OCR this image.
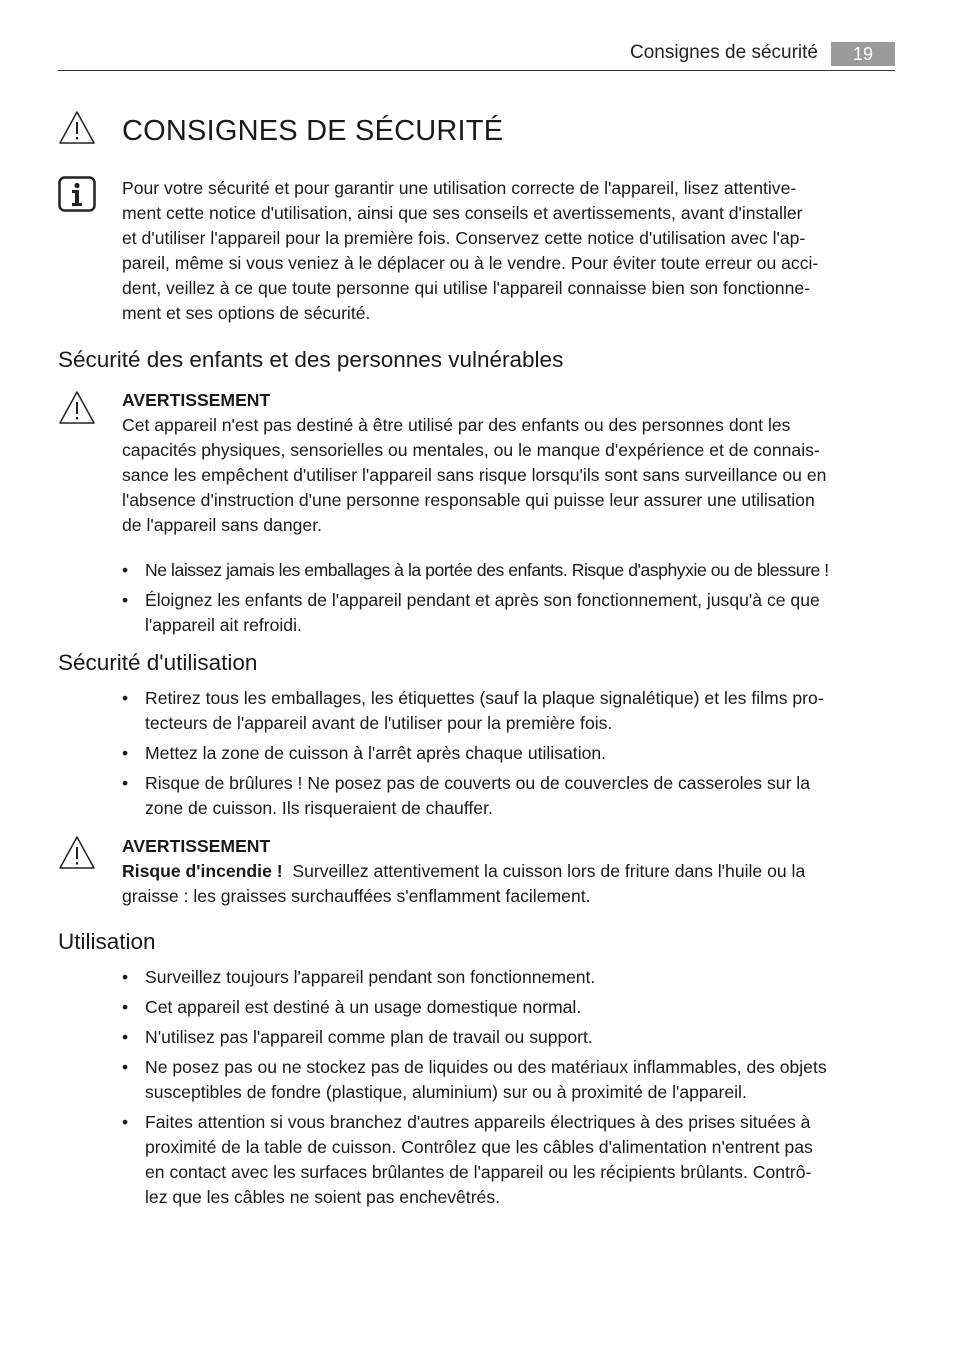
Consignes de sécurité	19
CONSIGNES DE SÉCURITÉ
Pour votre sécurité et pour garantir une utilisation correcte de l'appareil, lisez attentive-
ment cette notice d'utilisation, ainsi que ses conseils et avertissements, avant d'installer
et d'utiliser l'appareil pour la première fois. Conservez cette notice d'utilisation avec l'ap-
pareil, même si vous veniez à le déplacer ou à le vendre. Pour éviter toute erreur ou acci-
dent, veillez à ce que toute personne qui utilise l'appareil connaisse bien son fonctionne-
ment et ses options de sécurité.
Sécurité des enfants et des personnes vulnérables
AVERTISSEMENT
Cet appareil n'est pas destiné à être utilisé par des enfants ou des personnes dont les
capacités physiques, sensorielles ou mentales, ou le manque d'expérience et de connais-
sance les empêchent d'utiliser l'appareil sans risque lorsqu'ils sont sans surveillance ou en
l'absence d'instruction d'une personne responsable qui puisse leur assurer une utilisation
de l'appareil sans danger.
• Ne laissez jamais les emballages à la portée des enfants. Risque d'asphyxie ou de blessure !
• Éloignez les enfants de l'appareil pendant et après son fonctionnement, jusqu'à ce que
l'appareil ait refroidi.
Sécurité d'utilisation
• Retirez tous les emballages, les étiquettes (sauf la plaque signalétique) et les films pro-
tecteurs de l'appareil avant de l'utiliser pour la première fois.
• Mettez la zone de cuisson à l'arrêt après chaque utilisation.
• Risque de brûlures ! Ne posez pas de couverts ou de couvercles de casseroles sur la
zone de cuisson. Ils risqueraient de chauffer.
AVERTISSEMENT
Risque d'incendie !  Surveillez attentivement la cuisson lors de friture dans l'huile ou la
graisse : les graisses surchauffées s'enflamment facilement.
Utilisation
• Surveillez toujours l'appareil pendant son fonctionnement.
• Cet appareil est destiné à un usage domestique normal.
• N'utilisez pas l'appareil comme plan de travail ou support.
• Ne posez pas ou ne stockez pas de liquides ou des matériaux inflammables, des objets
susceptibles de fondre (plastique, aluminium) sur ou à proximité de l'appareil.
• Faites attention si vous branchez d'autres appareils électriques à des prises situées à
proximité de la table de cuisson. Contrôlez que les câbles d'alimentation n'entrent pas
en contact avec les surfaces brûlantes de l'appareil ou les récipients brûlants. Contrô-
lez que les câbles ne soient pas enchevêtrés.
